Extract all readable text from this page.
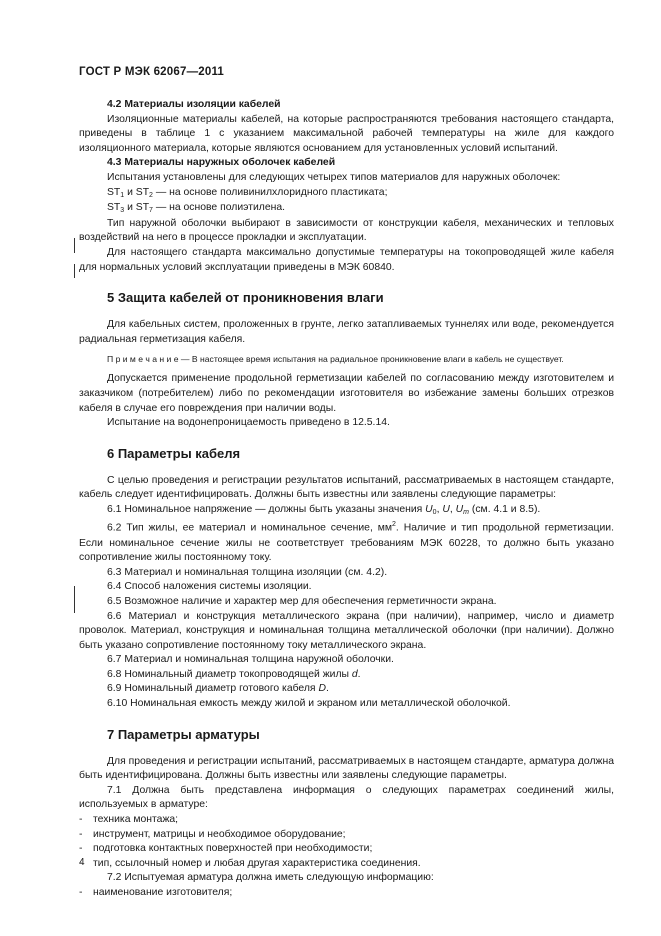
ГОСТ Р МЭК 62067—2011

4.2 Материалы изоляции кабелей

Изоляционные материалы кабелей, на которые распространяются требования настоящего стандарта, приведены в таблице 1 с указанием максимальной рабочей температуры на жиле для каждого изоляционного материала, которые являются основанием для установленных условий испытаний.

4.3 Материалы наружных оболочек кабелей

Испытания установлены для следующих четырех типов материалов для наружных оболочек:

ST1 и ST2 — на основе поливинилхлоридного пластиката;

ST3 и ST7 — на основе полиэтилена.

Тип наружной оболочки выбирают в зависимости от конструкции кабеля, механических и тепловых воздействий на него в процессе прокладки и эксплуатации.

Для настоящего стандарта максимально допустимые температуры на токопроводящей жиле кабеля для нормальных условий эксплуатации приведены в МЭК 60840.

5 Защита кабелей от проникновения влаги

Для кабельных систем, проложенных в грунте, легко затапливаемых туннелях или воде, рекомендуется радиальная герметизация кабеля.

П р и м е ч а н и е — В настоящее время испытания на радиальное проникновение влаги в кабель не существует.

Допускается применение продольной герметизации кабелей по согласованию между изготовителем и заказчиком (потребителем) либо по рекомендации изготовителя во избежание замены больших отрезков кабеля в случае его повреждения при наличии воды.

Испытание на водонепроницаемость приведено в 12.5.14.

6 Параметры кабеля

С целью проведения и регистрации результатов испытаний, рассматриваемых в настоящем стандарте, кабель следует идентифицировать. Должны быть известны или заявлены следующие параметры:

6.1 Номинальное напряжение — должны быть указаны значения U0, U, Um (см. 4.1 и 8.5).

6.2 Тип жилы, ее материал и номинальное сечение, $мм^2$. Наличие и тип продольной герметизации. Если номинальное сечение жилы не соответствует требованиям МЭК 60228, то должно быть указано сопротивление жилы постоянному току.

6.3 Материал и номинальная толщина изоляции (см. 4.2).

6.4 Способ наложения системы изоляции.

6.5 Возможное наличие и характер мер для обеспечения герметичности экрана.

6.6 Материал и конструкция металлического экрана (при наличии), например, число и диаметр проволок. Материал, конструкция и номинальная толщина металлической оболочки (при наличии). Должно быть указано сопротивление постоянному току металлического экрана.

6.7 Материал и номинальная толщина наружной оболочки.

6.8 Номинальный диаметр токопроводящей жилы d.

6.9 Номинальный диаметр готового кабеля D.

6.10 Номинальная емкость между жилой и экраном или металлической оболочкой.

7 Параметры арматуры

Для проведения и регистрации испытаний, рассматриваемых в настоящем стандарте, арматура должна быть идентифицирована. Должны быть известны или заявлены следующие параметры.

7.1 Должна быть представлена информация о следующих параметрах соединений жилы, используемых в арматуре:

- техника монтажа;

- инструмент, матрицы и необходимое оборудование;

- подготовка контактных поверхностей при необходимости;

- тип, ссылочный номер и любая другая характеристика соединения.

7.2 Испытуемая арматура должна иметь следующую информацию:

- наименование изготовителя;

4
